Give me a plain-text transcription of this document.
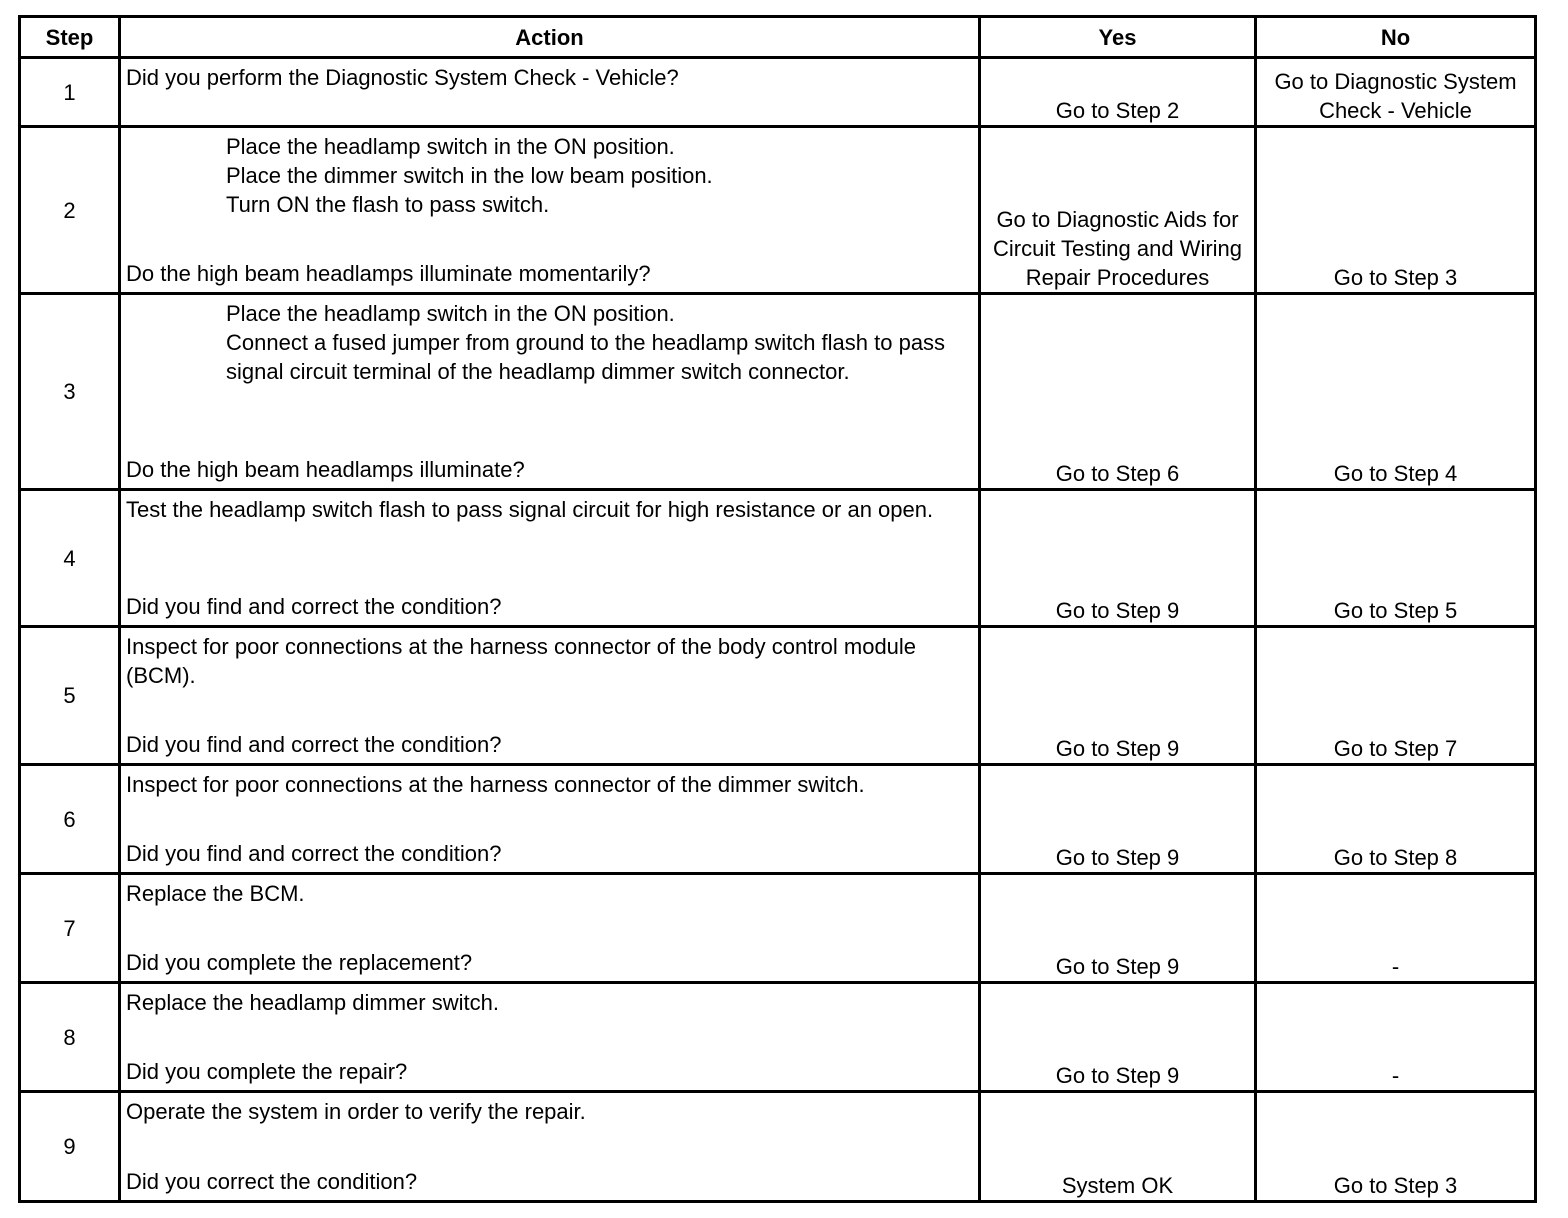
Step	Action	Yes	No
1	Did you perform the Diagnostic System Check - Vehicle?	Go to Step 2	Go to Diagnostic System Check - Vehicle
2	Place the headlamp switch in the ON position.
Place the dimmer switch in the low beam position.
Turn ON the flash to pass switch.
Do the high beam headlamps illuminate momentarily?	Go to Diagnostic Aids for Circuit Testing and Wiring Repair Procedures	Go to Step 3
3	Place the headlamp switch in the ON position.
Connect a fused jumper from ground to the headlamp switch flash to pass signal circuit terminal of the headlamp dimmer switch connector.
Do the high beam headlamps illuminate?	Go to Step 6	Go to Step 4
4	Test the headlamp switch flash to pass signal circuit for high resistance or an open.
Did you find and correct the condition?	Go to Step 9	Go to Step 5
5	Inspect for poor connections at the harness connector of the body control module (BCM).
Did you find and correct the condition?	Go to Step 9	Go to Step 7
6	Inspect for poor connections at the harness connector of the dimmer switch.
Did you find and correct the condition?	Go to Step 9	Go to Step 8
7	Replace the BCM.
Did you complete the replacement?	Go to Step 9	-
8	Replace the headlamp dimmer switch.
Did you complete the repair?	Go to Step 9	-
9	Operate the system in order to verify the repair.
Did you correct the condition?	System OK	Go to Step 3
